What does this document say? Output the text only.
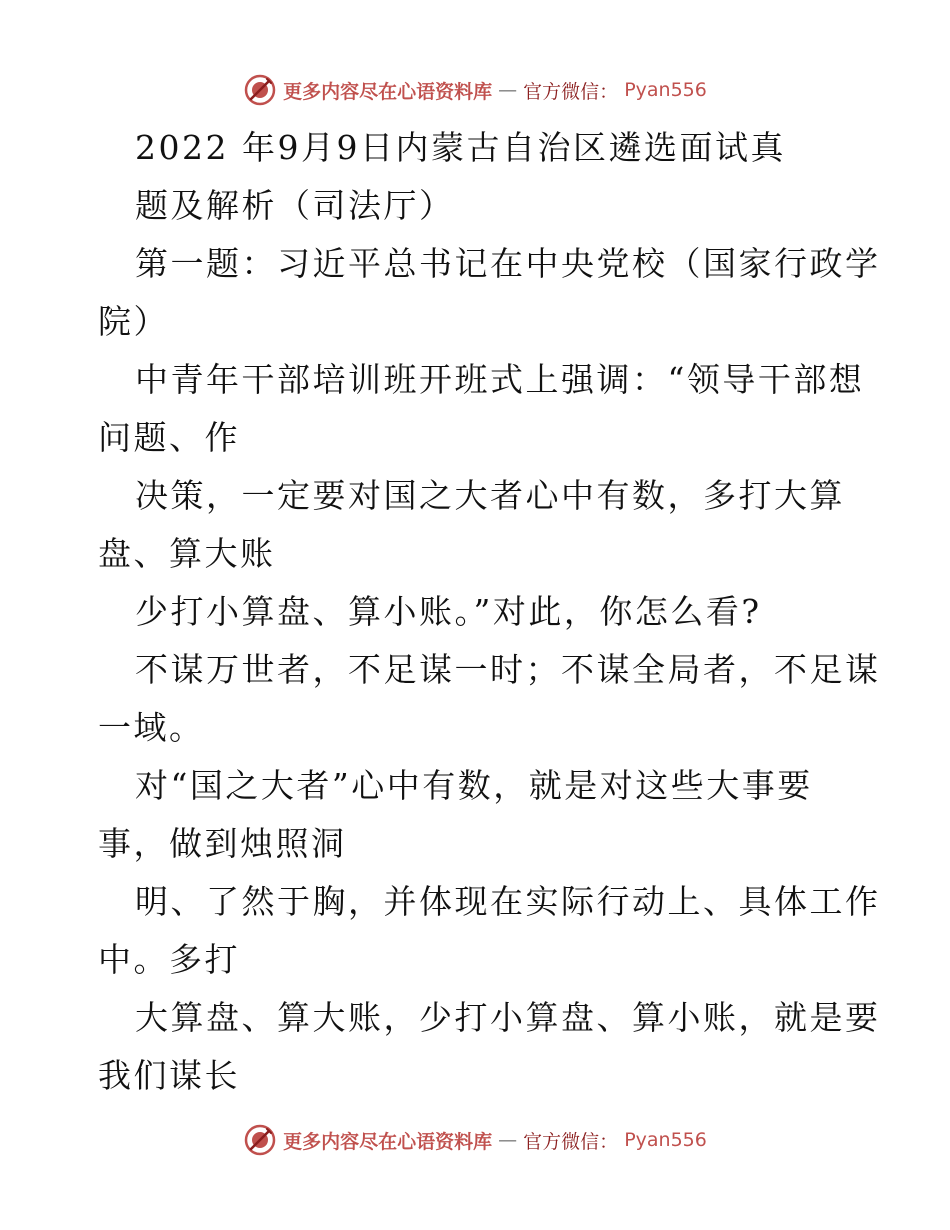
更多内容尽在心语资料库 — 官方微信： Pyan556
2022 年9月9日内蒙古自治区遴选面试真
题及解析（司法厅）
第一题：习近平总书记在中央党校（国家行政学
院）
中青年干部培训班开班式上强调：“领导干部想
问题、作
决策，一定要对国之大者心中有数，多打大算
盘、算大账
少打小算盘、算小账。”对此，你怎么看?
不谋万世者，不足谋一时；不谋全局者，不足谋
一域。
对“国之大者”心中有数，就是对这些大事要
事，做到烛照洞
明、了然于胸，并体现在实际行动上、具体工作
中。多打
大算盘、算大账，少打小算盘、算小账，就是要
我们谋长
更多内容尽在心语资料库 — 官方微信： Pyan556
